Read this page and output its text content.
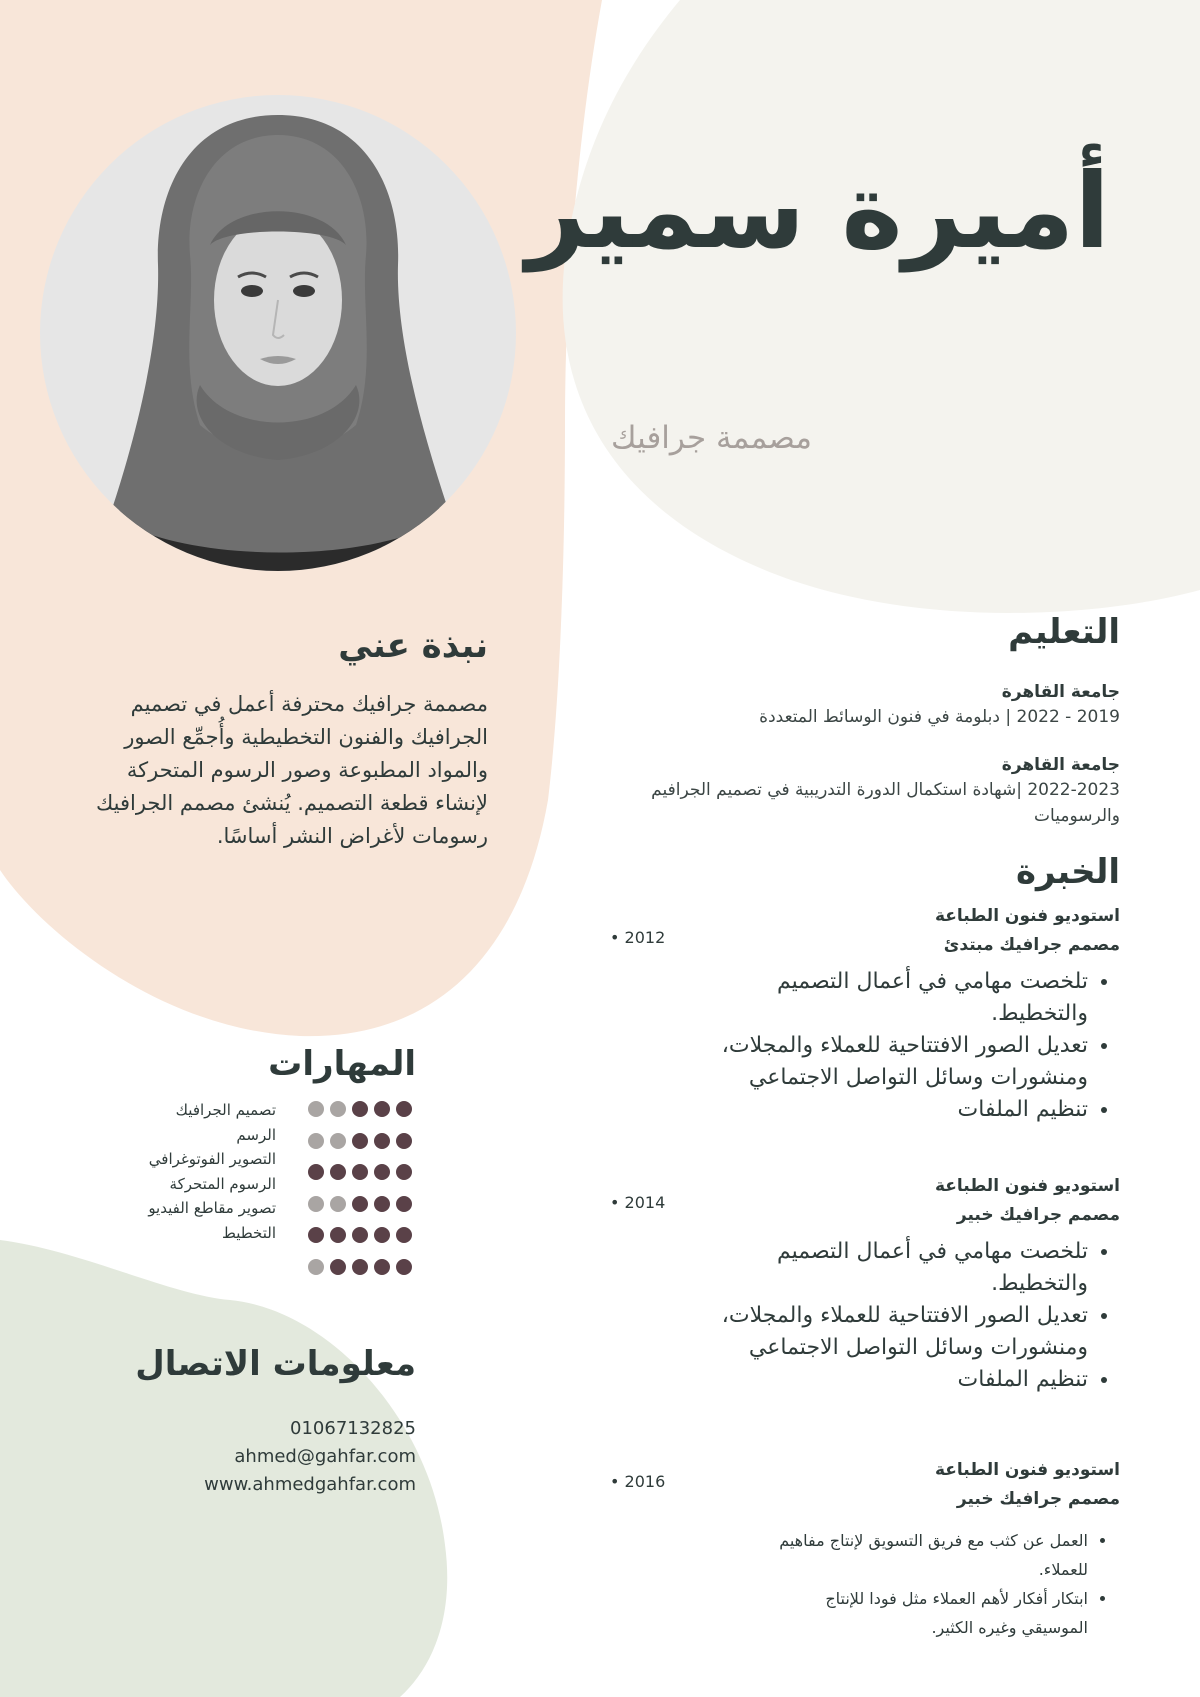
أميرة سمير
مصممة جرافيك
نبذة عني
مصممة جرافيك محترفة أعمل في تصميم الجرافيك والفنون التخطيطية وأُجمِّع الصور والمواد المطبوعة وصور الرسوم المتحركة لإنشاء قطعة التصميم. يُنشئ مصمم الجرافيك رسومات لأغراض النشر أساسًا.
المهارات
تصميم الجرافيك
الرسم
التصوير الفوتوغرافي
الرسوم المتحركة
تصوير مقاطع الفيديو
التخطيط
معلومات الاتصال
01067132825
ahmed@gahfar.com
www.ahmedgahfar.com
التعليم
جامعة القاهرة
2019 - 2022 | دبلومة في فنون الوسائط المتعددة
جامعة القاهرة
2022-2023 |شهادة استكمال الدورة التدريبية في تصميم الجرافيم والرسوميات
الخبرة
استوديو فنون الطباعة
مصمم جرافيك مبتدئ
• تلخصت مهامي في أعمال التصميم والتخطيط.
• تعديل الصور الافتتاحية للعملاء والمجلات، ومنشورات وسائل التواصل الاجتماعي
• تنظيم الملفات
• 2012
استوديو فنون الطباعة
مصمم جرافيك خبير
• تلخصت مهامي في أعمال التصميم والتخطيط.
• تعديل الصور الافتتاحية للعملاء والمجلات، ومنشورات وسائل التواصل الاجتماعي
• تنظيم الملفات
• 2014
استوديو فنون الطباعة
مصمم جرافيك خبير
• العمل عن كثب مع فريق التسويق لإنتاج مفاهيم للعملاء.
• ابتكار أفكار لأهم العملاء مثل فودا للإنتاج الموسيقي وغيره الكثير.
• 2016
